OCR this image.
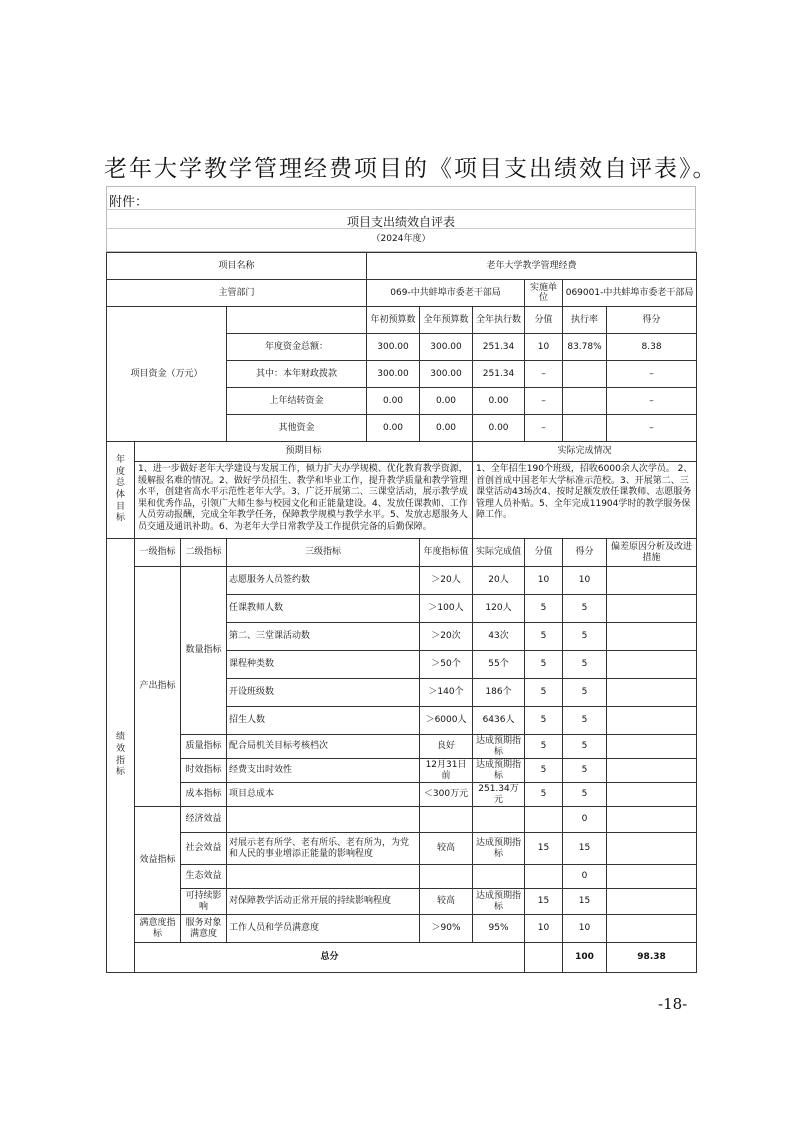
老年大学教学管理经费项目的《项目支出绩效自评表》。
附件：
项目支出绩效自评表
（2024年度）
项目名称				老年大学教学管理经费						
主管部门				069-中共蚌埠市委老干部局			实施单位	069001-中共蚌埠市委老干部局		
项目资金（万元）				年初预算数	全年预算数	全年执行数	分值	执行率	得分	
			年度资金总额：	300.00	300.00	251.34	10	83.78%	8.38	
			其中：本年财政拨款	300.00	300.00	251.34	–		–	
			上年结转资金	0.00	0.00	0.00	–		–	
			其他资金	0.00	0.00	0.00	–		–	
年度总体目标	预期目标					实际完成情况				
	1、进一步做好老年大学建设与发展工作，倾力扩大办学规模、优化教育教学资源，缓解报名难的情况。2、做好学员招生、教学和毕业工作，提升教学质量和教学管理水平，创建省高水平示范性老年大学。3、广泛开展第二、三课堂活动，展示教学成果和优秀作品，引领广大师生参与校园文化和正能量建设。4、发放任课教师、工作人员劳动报酬，完成全年教学任务，保障教学规模与教学水平。5、发放志愿服务人员交通及通讯补助。6、为老年大学日常教学及工作提供完备的后勤保障。					1、全年招生190个班级，招收6000余人次学员。 2、首创首成中国老年大学标准示范校。3、开展第二、三课堂活动43场次4、按时足额发放任课教师、志愿服务管理人员补贴。5、全年完成11904学时的教学服务保障工作。				
绩效指标	一级指标	二级指标	三级指标		年度指标值	实际完成值	分值	得分	偏差原因分析及改进措施	
	产出指标	数量指标	志愿服务人员签约数		＞20人	20人	10	10		
			任课教师人数		＞100人	120人	5	5		
			第二、三堂课活动数		＞20次	43次	5	5		
			课程种类数		＞50个	55个	5	5		
			开设班级数		＞140个	186个	5	5		
			招生人数		＞6000人	6436人	5	5		
		质量指标	配合局机关目标考核档次		良好	达成预期指标	5	5		
		时效指标	经费支出时效性		12月31日前	达成预期指标	5	5		
		成本指标	项目总成本		＜300万元	251.34万元	5	5		
	效益指标	经济效益						0		
		社会效益	对展示老有所学、老有所乐、老有所为，为党和人民的事业增添正能量的影响程度		较高	达成预期指标	15	15		
		生态效益						0		
		可持续影响	对保障教学活动正常开展的持续影响程度		较高	达成预期指标	15	15		
	满意度指标	服务对象满意度	工作人员和学员满意度		＞90%	95%	10	10		
	总分							100	98.38	
-18-
